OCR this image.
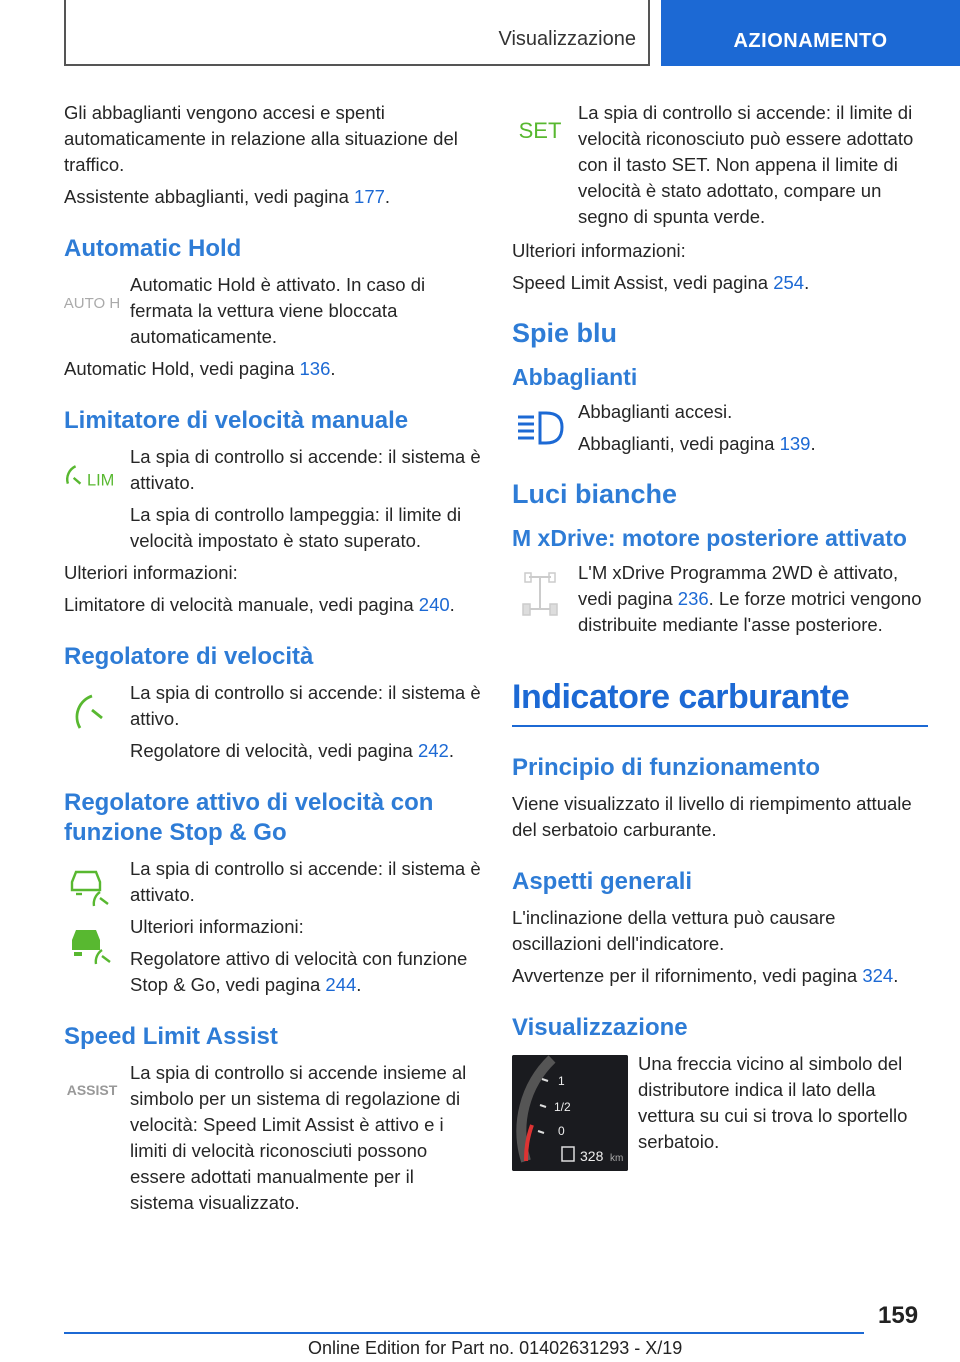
Visualizzazione	AZIONAMENTO

Gli abbaglianti vengono accesi e spenti automaticamente in relazione alla situazione del traffico.

Assistente abbaglianti, vedi pagina 177.

Automatic Hold
AUTO H

Automatic Hold è attivato. In caso di fermata la vettura viene bloccata automaticamente.

Automatic Hold, vedi pagina 136.

Limitatore di velocità manuale
LIM

La spia di controllo si accende: il sistema è attivato.

La spia di controllo lampeggia: il limite di velocità impostato è stato superato.

Ulteriori informazioni:

Limitatore di velocità manuale, vedi pagina 240.

Regolatore di velocità

La spia di controllo si accende: il sistema è attivo.

Regolatore di velocità, vedi pagina 242.

Regolatore attivo di velocità con funzione Stop & Go

La spia di controllo si accende: il sistema è attivato.

Ulteriori informazioni:

Regolatore attivo di velocità con funzione Stop & Go, vedi pagina 244.

Speed Limit Assist
ASSIST

La spia di controllo si accende insieme al simbolo per un sistema di regolazione di velocità: Speed Limit Assist è attivo e i limiti di velocità riconosciuti possono essere adottati manualmente per il sistema visualizzato.

SET

La spia di controllo si accende: il limite di velocità riconosciuto può essere adottato con il tasto SET. Non appena il limite di velocità è stato adottato, compare un segno di spunta verde.

Ulteriori informazioni:

Speed Limit Assist, vedi pagina 254.

Spie blu
Abbaglianti

Abbaglianti accesi.

Abbaglianti, vedi pagina 139.

Luci bianche
M xDrive: motore posteriore attivato

L'M xDrive Programma 2WD è attivato, vedi pagina 236. Le forze motrici vengono distribuite mediante l'asse posteriore.

Indicatore carburante
Principio di funzionamento

Viene visualizzato il livello di riempimento attuale del serbatoio carburante.

Aspetti generali

L'inclinazione della vettura può causare oscillazioni dell'indicatore.

Avvertenze per il rifornimento, vedi pagina 324.

Visualizzazione
1
1/2
0
328 km

Una freccia vicino al simbolo del distributore indica il lato della vettura su cui si trova lo sportello serbatoio.

159
Online Edition for Part no. 01402631293 - X/19
